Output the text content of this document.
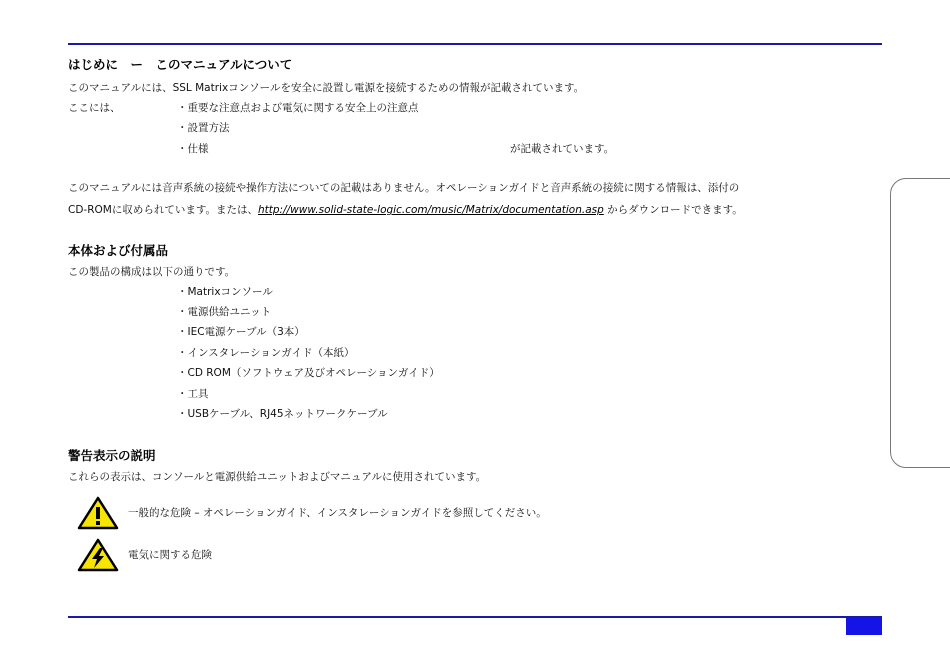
はじめに　ー　このマニュアルについて
このマニュアルには、SSL Matrixコンソールを安全に設置し電源を接続するための情報が記載されています。
ここには、
・	重要な注意点および電気に関する安全上の注意点
・ 設置方法
・ 仕様	が記載されています。
このマニュアルには音声系統の接続や操作方法についての記載はありません。オペレーションガイドと音声系統の接続に関する情報は、添付の
CD-ROMに収められています。または、http://www.solid-state-logic.com/music/Matrix/documentation.asp からダウンロードできます。
本体および付属品
この製品の構成は以下の通りです。
・ Matrixコンソール
・ 電源供給ユニット
・ IEC電源ケーブル（3本）
・ インスタレーションガイド（本紙）
・ CD ROM（ソフトウェア及びオペレーションガイド）
・ 工具
・ USBケーブル、RJ45ネットワークケーブル
警告表示の説明
これらの表示は、コンソールと電源供給ユニットおよびマニュアルに使用されています。
一般的な危険 – オペレーションガイド、インスタレーションガイドを参照してください。
電気に関する危険
